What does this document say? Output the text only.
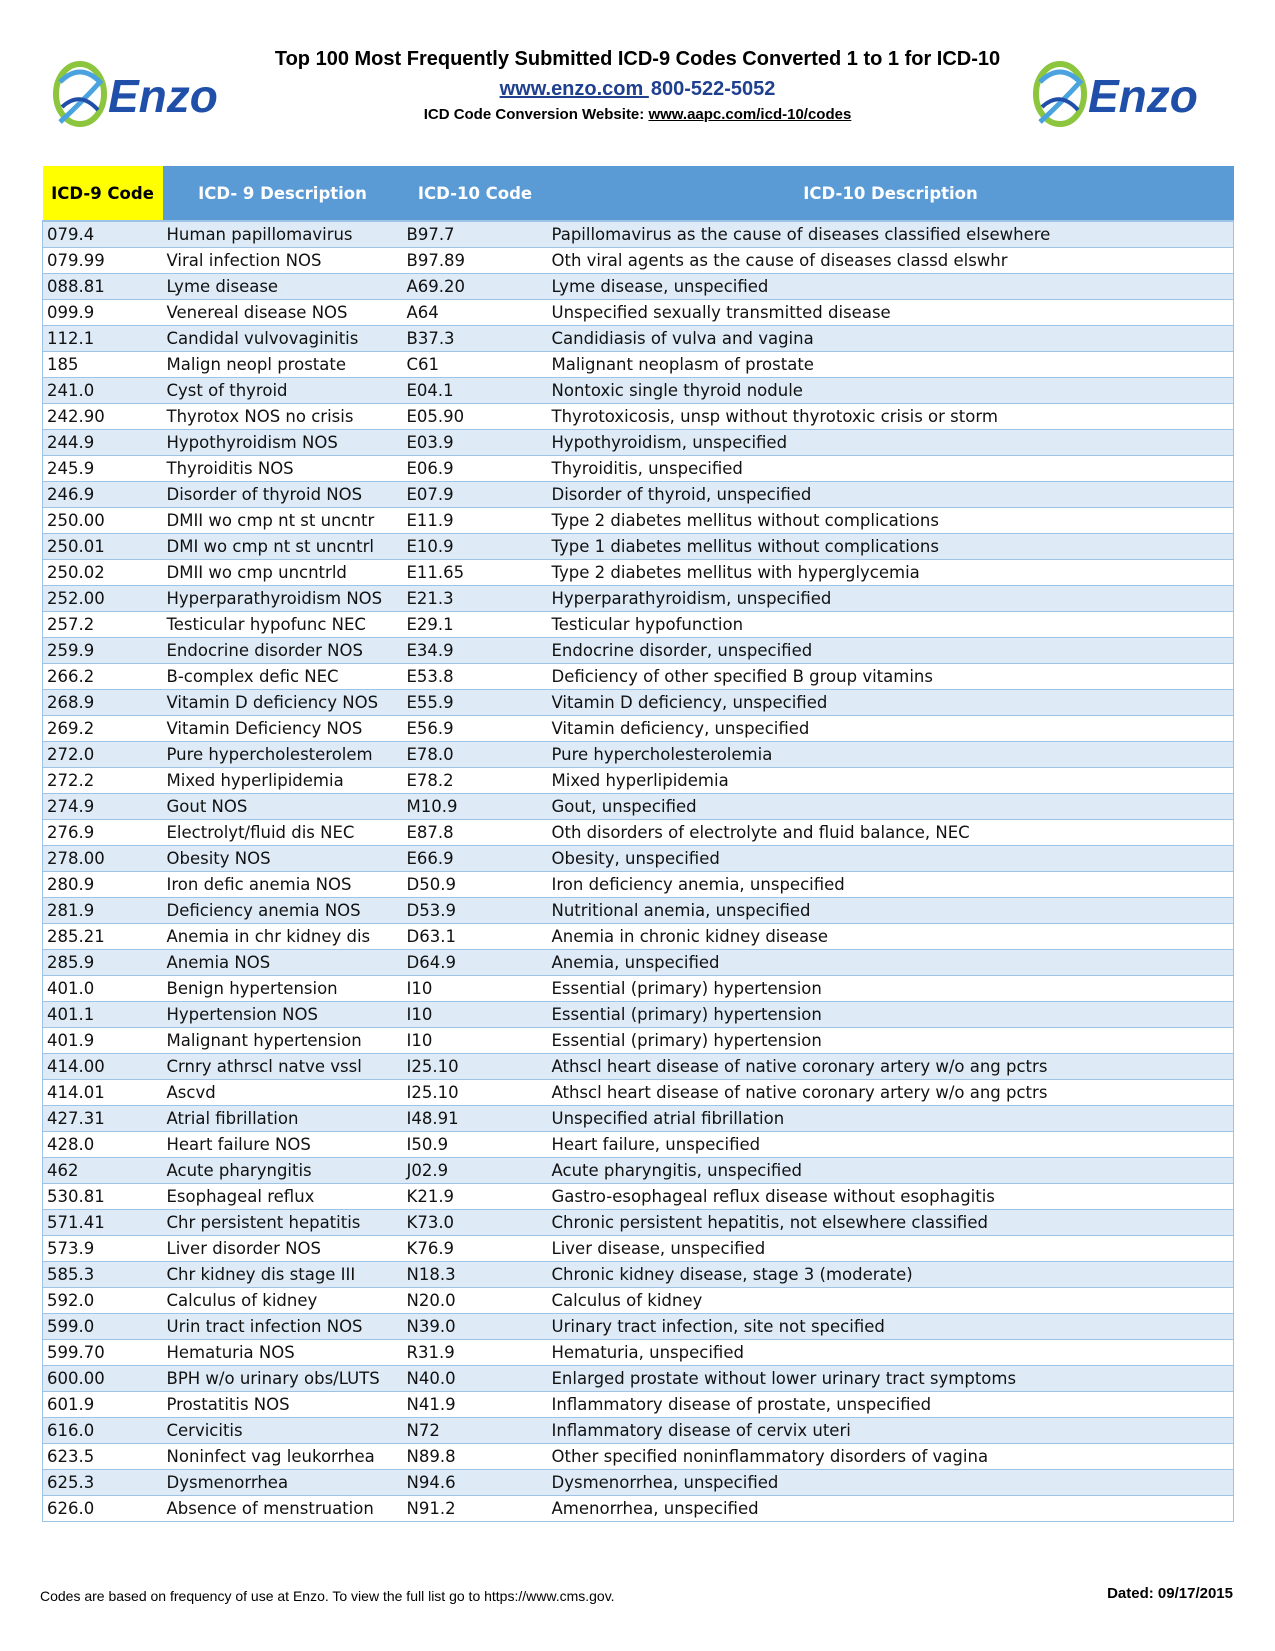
Enzo
Top 100 Most Frequently Submitted ICD-9 Codes Converted 1 to 1 for ICD-10
www.enzo.com 800-522-5052
ICD Code Conversion Website: www.aapc.com/icd-10/codes	Enzo
ICD-9 Code	ICD- 9 Description	ICD-10 Code	ICD-10 Description
079.4	Human papillomavirus	B97.7	Papillomavirus as the cause of diseases classified elsewhere
079.99	Viral infection NOS	B97.89	Oth viral agents as the cause of diseases classd elswhr
088.81	Lyme disease	A69.20	Lyme disease, unspecified
099.9	Venereal disease NOS	A64	Unspecified sexually transmitted disease
112.1	Candidal vulvovaginitis	B37.3	Candidiasis of vulva and vagina
185	Malign neopl prostate	C61	Malignant neoplasm of prostate
241.0	Cyst of thyroid	E04.1	Nontoxic single thyroid nodule
242.90	Thyrotox NOS no crisis	E05.90	Thyrotoxicosis, unsp without thyrotoxic crisis or storm
244.9	Hypothyroidism NOS	E03.9	Hypothyroidism, unspecified
245.9	Thyroiditis NOS	E06.9	Thyroiditis, unspecified
246.9	Disorder of thyroid NOS	E07.9	Disorder of thyroid, unspecified
250.00	DMII wo cmp nt st uncntr	E11.9	Type 2 diabetes mellitus without complications
250.01	DMI wo cmp nt st uncntrl	E10.9	Type 1 diabetes mellitus without complications
250.02	DMII wo cmp uncntrld	E11.65	Type 2 diabetes mellitus with hyperglycemia
252.00	Hyperparathyroidism NOS	E21.3	Hyperparathyroidism, unspecified
257.2	Testicular hypofunc NEC	E29.1	Testicular hypofunction
259.9	Endocrine disorder NOS	E34.9	Endocrine disorder, unspecified
266.2	B-complex defic NEC	E53.8	Deficiency of other specified B group vitamins
268.9	Vitamin D deficiency NOS	E55.9	Vitamin D deficiency, unspecified
269.2	Vitamin Deficiency NOS	E56.9	Vitamin deficiency, unspecified
272.0	Pure hypercholesterolem	E78.0	Pure hypercholesterolemia
272.2	Mixed hyperlipidemia	E78.2	Mixed hyperlipidemia
274.9	Gout NOS	M10.9	Gout, unspecified
276.9	Electrolyt/fluid dis NEC	E87.8	Oth disorders of electrolyte and fluid balance, NEC
278.00	Obesity NOS	E66.9	Obesity, unspecified
280.9	Iron defic anemia NOS	D50.9	Iron deficiency anemia, unspecified
281.9	Deficiency anemia NOS	D53.9	Nutritional anemia, unspecified
285.21	Anemia in chr kidney dis	D63.1	Anemia in chronic kidney disease
285.9	Anemia NOS	D64.9	Anemia, unspecified
401.0	Benign hypertension	I10	Essential (primary) hypertension
401.1	Hypertension NOS	I10	Essential (primary) hypertension
401.9	Malignant hypertension	I10	Essential (primary) hypertension
414.00	Crnry athrscl natve vssl	I25.10	Athscl heart disease of native coronary artery w/o ang pctrs
414.01	Ascvd	I25.10	Athscl heart disease of native coronary artery w/o ang pctrs
427.31	Atrial fibrillation	I48.91	Unspecified atrial fibrillation
428.0	Heart failure NOS	I50.9	Heart failure, unspecified
462	Acute pharyngitis	J02.9	Acute pharyngitis, unspecified
530.81	Esophageal reflux	K21.9	Gastro-esophageal reflux disease without esophagitis
571.41	Chr persistent hepatitis	K73.0	Chronic persistent hepatitis, not elsewhere classified
573.9	Liver disorder NOS	K76.9	Liver disease, unspecified
585.3	Chr kidney dis stage III	N18.3	Chronic kidney disease, stage 3 (moderate)
592.0	Calculus of kidney	N20.0	Calculus of kidney
599.0	Urin tract infection NOS	N39.0	Urinary tract infection, site not specified
599.70	Hematuria NOS	R31.9	Hematuria, unspecified
600.00	BPH w/o urinary obs/LUTS	N40.0	Enlarged prostate without lower urinary tract symptoms
601.9	Prostatitis NOS	N41.9	Inflammatory disease of prostate, unspecified
616.0	Cervicitis	N72	Inflammatory disease of cervix uteri
623.5	Noninfect vag leukorrhea	N89.8	Other specified noninflammatory disorders of vagina
625.3	Dysmenorrhea	N94.6	Dysmenorrhea, unspecified
626.0	Absence of menstruation	N91.2	Amenorrhea, unspecified
Codes are based on frequency of use at Enzo. To view the full list go to https://www.cms.gov.	Dated: 09/17/2015
